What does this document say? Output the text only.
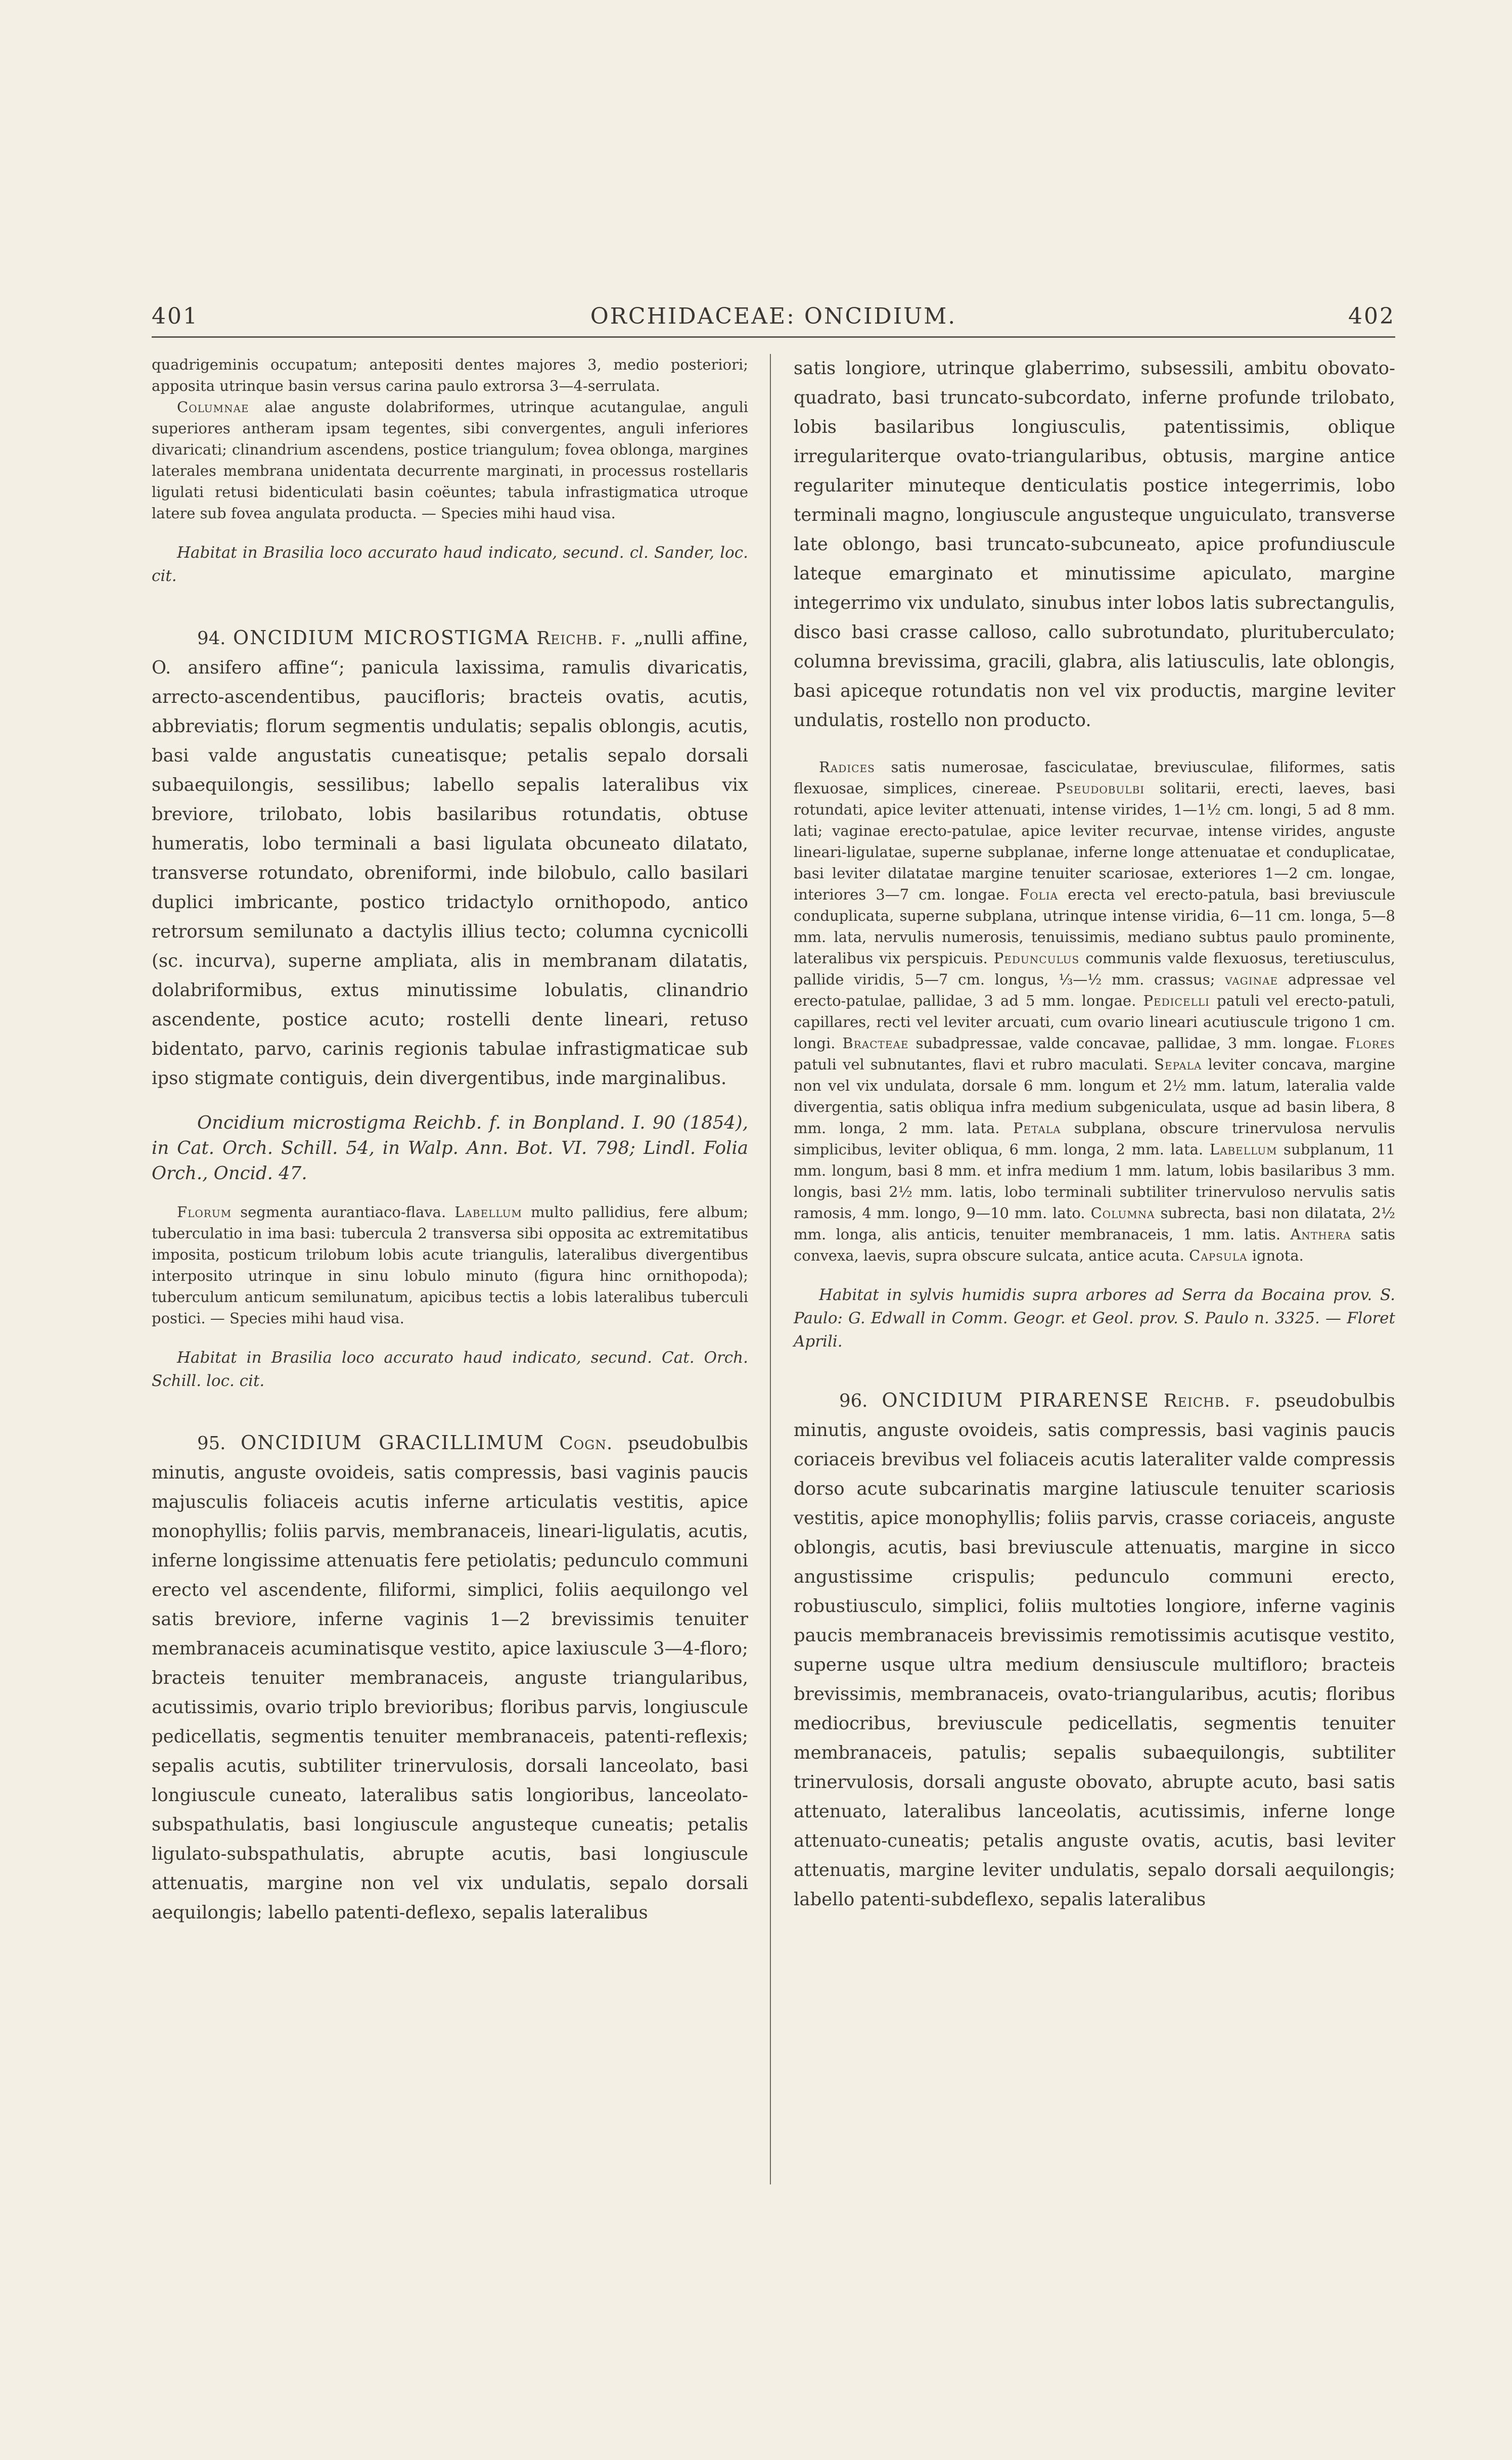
401	ORCHIDACEAE: ONCIDIUM.	402

quadrigeminis occupatum; antepositi dentes majores 3, medio posteriori; apposita utrinque basin versus carina paulo extrorsa 3—4-serrulata.

Columnae alae anguste dolabriformes, utrinque acutangulae, anguli superiores antheram ipsam tegentes, sibi convergentes, anguli inferiores divaricati; clinandrium ascendens, postice triangulum; fovea oblonga, margines laterales membrana unidentata decurrente marginati, in processus rostellaris ligulati retusi bidenticulati basin coëuntes; tabula infrastigmatica utroque latere sub fovea angulata producta. — Species mihi haud visa.

Habitat in Brasilia loco accurato haud indicato, secund. cl. Sander, loc. cit.

94. ONCIDIUM MICROSTIGMA Reichb. f. „nulli affine, O. ansifero affine“; panicula laxissima, ramulis divaricatis, arrecto-ascendentibus, paucifloris; bracteis ovatis, acutis, abbreviatis; florum segmentis undulatis; sepalis oblongis, acutis, basi valde angustatis cuneatisque; petalis sepalo dorsali subaequilongis, sessilibus; labello sepalis lateralibus vix breviore, trilobato, lobis basilaribus rotundatis, obtuse humeratis, lobo terminali a basi ligulata obcuneato dilatato, transverse rotundato, obreniformi, inde bilobulo, callo basilari duplici imbricante, postico tridactylo ornithopodo, antico retrorsum semilunato a dactylis illius tecto; columna cycnicolli (sc. incurva), superne ampliata, alis in membranam dilatatis, dolabriformibus, extus minutissime lobulatis, clinandrio ascendente, postice acuto; rostelli dente lineari, retuso bidentato, parvo, carinis regionis tabulae infrastigmaticae sub ipso stigmate contiguis, dein divergentibus, inde marginalibus.

Oncidium microstigma Reichb. f. in Bonpland. I. 90 (1854), in Cat. Orch. Schill. 54, in Walp. Ann. Bot. VI. 798; Lindl. Folia Orch., Oncid. 47.

Florum segmenta aurantiaco-flava. Labellum multo pallidius, fere album; tuberculatio in ima basi: tubercula 2 transversa sibi opposita ac extremitatibus imposita, posticum trilobum lobis acute triangulis, lateralibus divergentibus interposito utrinque in sinu lobulo minuto (figura hinc ornithopoda); tuberculum anticum semilunatum, apicibus tectis a lobis lateralibus tuberculi postici. — Species mihi haud visa.

Habitat in Brasilia loco accurato haud indicato, secund. Cat. Orch. Schill. loc. cit.

95. ONCIDIUM GRACILLIMUM Cogn. pseudobulbis minutis, anguste ovoideis, satis compressis, basi vaginis paucis majusculis foliaceis acutis inferne articulatis vestitis, apice monophyllis; foliis parvis, membranaceis, lineari-ligulatis, acutis, inferne longissime attenuatis fere petiolatis; pedunculo communi erecto vel ascendente, filiformi, simplici, foliis aequilongo vel satis breviore, inferne vaginis 1—2 brevissimis tenuiter membranaceis acuminatisque vestito, apice laxiuscule 3—4-floro; bracteis tenuiter membranaceis, anguste triangularibus, acutissimis, ovario triplo brevioribus; floribus parvis, longiuscule pedicellatis, segmentis tenuiter membranaceis, patenti-reflexis; sepalis acutis, subtiliter trinervulosis, dorsali lanceolato, basi longiuscule cuneato, lateralibus satis longioribus, lanceolato-subspathulatis, basi longiuscule angusteque cuneatis; petalis ligulato-subspathulatis, abrupte acutis, basi longiuscule attenuatis, margine non vel vix undulatis, sepalo dorsali aequilongis; labello patenti-deflexo, sepalis lateralibus

satis longiore, utrinque glaberrimo, subsessili, ambitu obovato-quadrato, basi truncato-subcordato, inferne profunde trilobato, lobis basilaribus longiusculis, patentissimis, oblique irregulariterque ovato-triangularibus, obtusis, margine antice regulariter minuteque denticulatis postice integerrimis, lobo terminali magno, longiuscule angusteque unguiculato, transverse late oblongo, basi truncato-subcuneato, apice profundiuscule lateque emarginato et minutissime apiculato, margine integerrimo vix undulato, sinubus inter lobos latis subrectangulis, disco basi crasse calloso, callo subrotundato, plurituberculato; columna brevissima, gracili, glabra, alis latiusculis, late oblongis, basi apiceque rotundatis non vel vix productis, margine leviter undulatis, rostello non producto.

Radices satis numerosae, fasciculatae, breviusculae, filiformes, satis flexuosae, simplices, cinereae. Pseudobulbi solitarii, erecti, laeves, basi rotundati, apice leviter attenuati, intense virides, 1—1½ cm. longi, 5 ad 8 mm. lati; vaginae erecto-patulae, apice leviter recurvae, intense virides, anguste lineari-ligulatae, superne subplanae, inferne longe attenuatae et conduplicatae, basi leviter dilatatae margine tenuiter scariosae, exteriores 1—2 cm. longae, interiores 3—7 cm. longae. Folia erecta vel erecto-patula, basi breviuscule conduplicata, superne subplana, utrinque intense viridia, 6—11 cm. longa, 5—8 mm. lata, nervulis numerosis, tenuissimis, mediano subtus paulo prominente, lateralibus vix perspicuis. Pedunculus communis valde flexuosus, teretiusculus, pallide viridis, 5—7 cm. longus, ⅓—½ mm. crassus; vaginae adpressae vel erecto-patulae, pallidae, 3 ad 5 mm. longae. Pedicelli patuli vel erecto-patuli, capillares, recti vel leviter arcuati, cum ovario lineari acutiuscule trigono 1 cm. longi. Bracteae subadpressae, valde concavae, pallidae, 3 mm. longae. Flores patuli vel subnutantes, flavi et rubro maculati. Sepala leviter concava, margine non vel vix undulata, dorsale 6 mm. longum et 2½ mm. latum, lateralia valde divergentia, satis obliqua infra medium subgeniculata, usque ad basin libera, 8 mm. longa, 2 mm. lata. Petala subplana, obscure trinervulosa nervulis simplicibus, leviter obliqua, 6 mm. longa, 2 mm. lata. Labellum subplanum, 11 mm. longum, basi 8 mm. et infra medium 1 mm. latum, lobis basilaribus 3 mm. longis, basi 2½ mm. latis, lobo terminali subtiliter trinervuloso nervulis satis ramosis, 4 mm. longo, 9—10 mm. lato. Columna subrecta, basi non dilatata, 2½ mm. longa, alis anticis, tenuiter membranaceis, 1 mm. latis. Anthera satis convexa, laevis, supra obscure sulcata, antice acuta. Capsula ignota.

Habitat in sylvis humidis supra arbores ad Serra da Bocaina prov. S. Paulo: G. Edwall in Comm. Geogr. et Geol. prov. S. Paulo n. 3325. — Floret Aprili.

96. ONCIDIUM PIRARENSE Reichb. f. pseudobulbis minutis, anguste ovoideis, satis compressis, basi vaginis paucis coriaceis brevibus vel foliaceis acutis lateraliter valde compressis dorso acute subcarinatis margine latiuscule tenuiter scariosis vestitis, apice monophyllis; foliis parvis, crasse coriaceis, anguste oblongis, acutis, basi breviuscule attenuatis, margine in sicco angustissime crispulis; pedunculo communi erecto, robustiusculo, simplici, foliis multoties longiore, inferne vaginis paucis membranaceis brevissimis remotissimis acutisque vestito, superne usque ultra medium densiuscule multifloro; bracteis brevissimis, membranaceis, ovato-triangularibus, acutis; floribus mediocribus, breviuscule pedicellatis, segmentis tenuiter membranaceis, patulis; sepalis subaequilongis, subtiliter trinervulosis, dorsali anguste obovato, abrupte acuto, basi satis attenuato, lateralibus lanceolatis, acutissimis, inferne longe attenuato-cuneatis; petalis anguste ovatis, acutis, basi leviter attenuatis, margine leviter undulatis, sepalo dorsali aequilongis; labello patenti-subdeflexo, sepalis lateralibus
